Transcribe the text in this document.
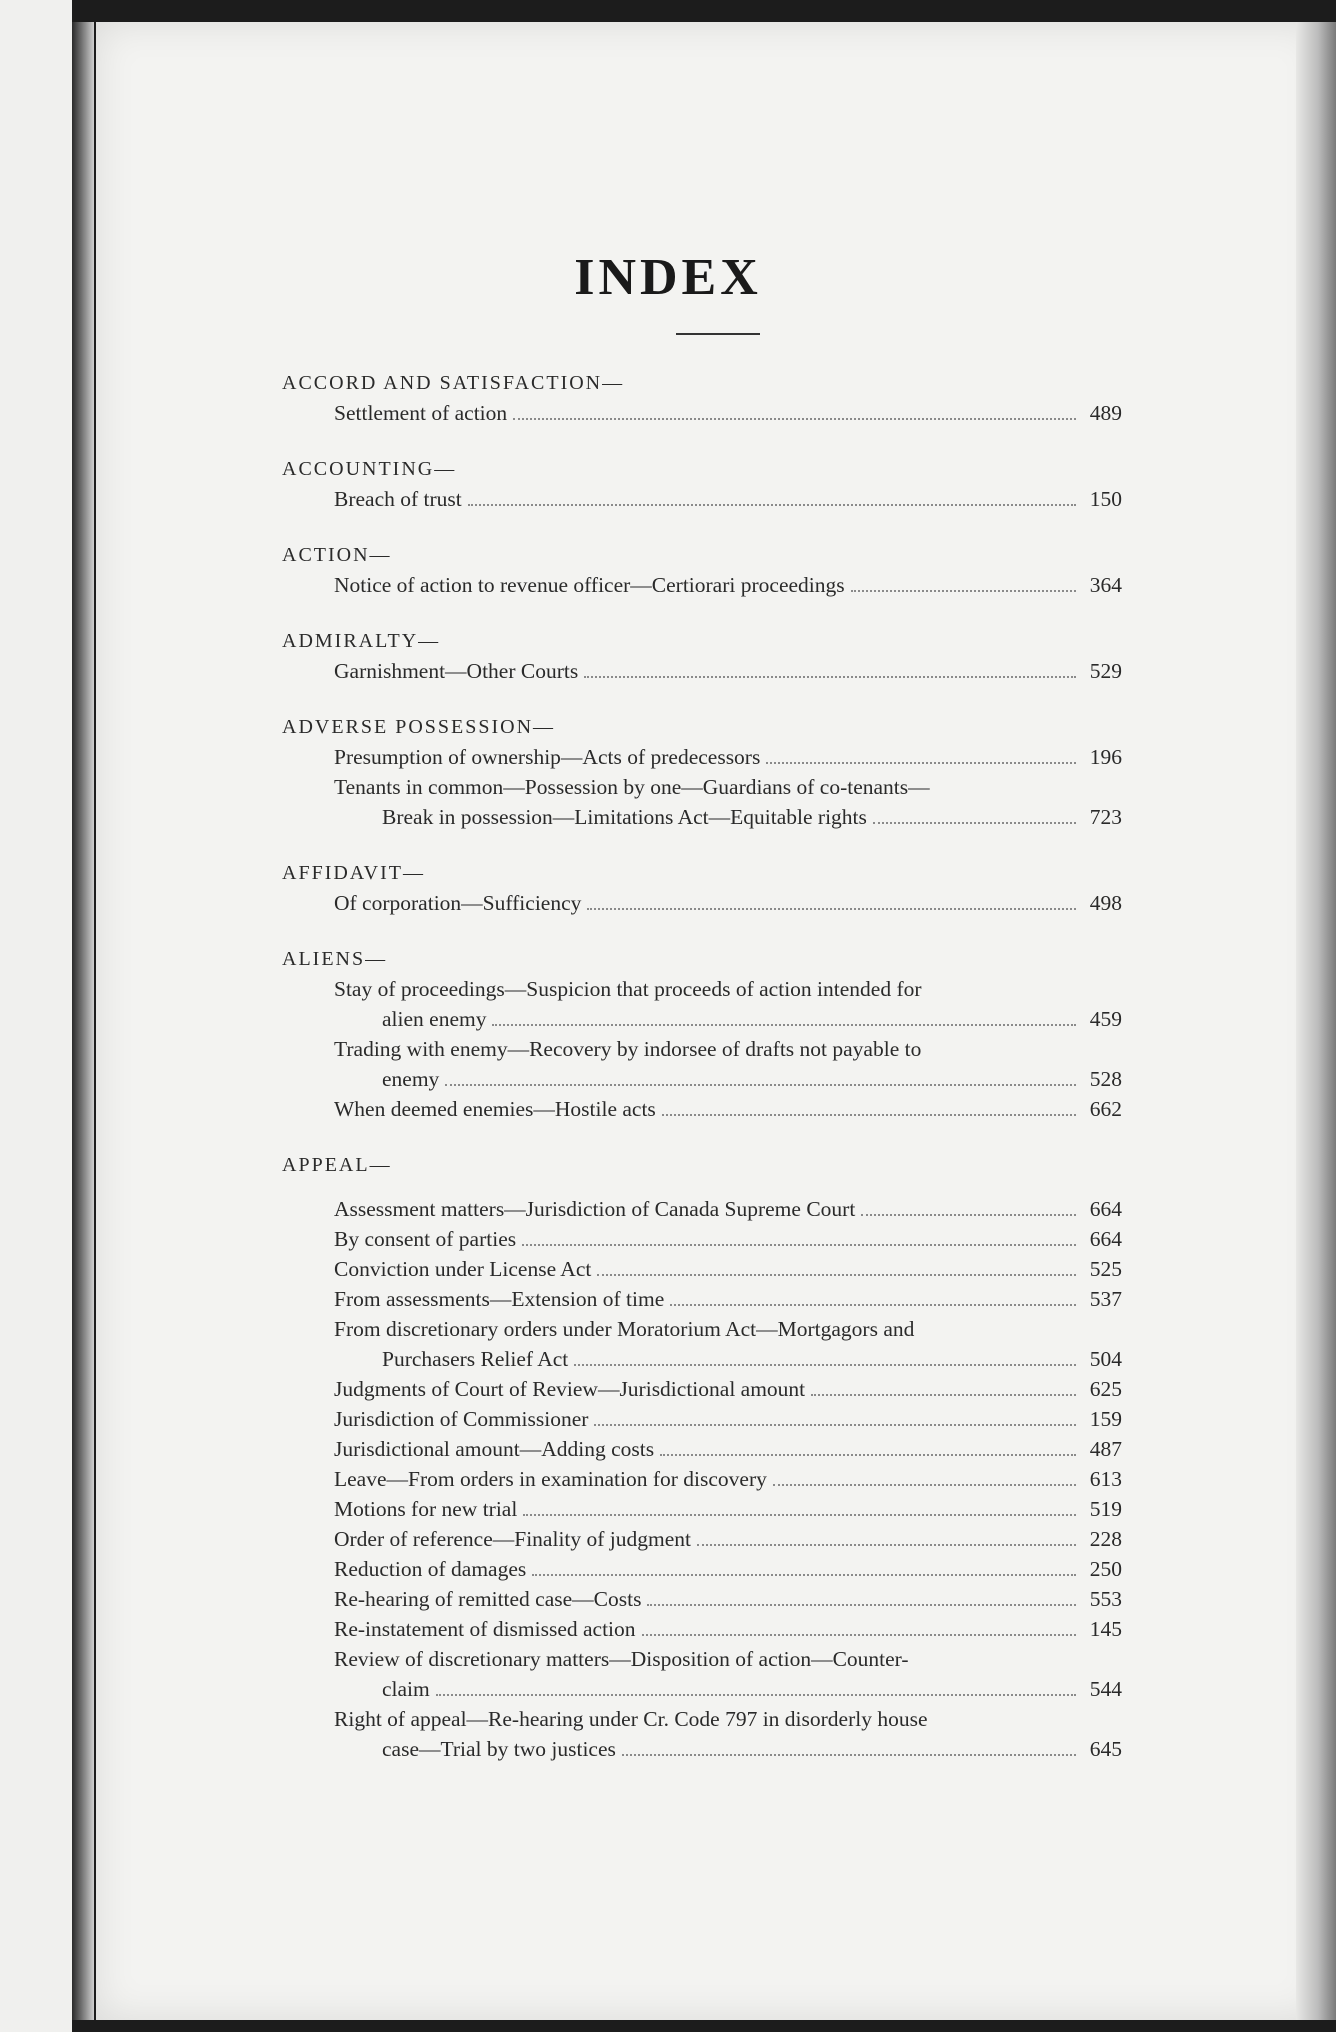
INDEX
ACCORD AND SATISFACTION—
Settlement of action	489
ACCOUNTING—
Breach of trust	150
ACTION—
Notice of action to revenue officer—Certiorari proceedings	364
ADMIRALTY—
Garnishment—Other Courts	529
ADVERSE POSSESSION—
Presumption of ownership—Acts of predecessors	196
Tenants in common—Possession by one—Guardians of co-tenants—
Break in possession—Limitations Act—Equitable rights	723
AFFIDAVIT—
Of corporation—Sufficiency	498
ALIENS—
Stay of proceedings—Suspicion that proceeds of action intended for
alien enemy	459
Trading with enemy—Recovery by indorsee of drafts not payable to
enemy	528
When deemed enemies—Hostile acts	662
APPEAL—
Assessment matters—Jurisdiction of Canada Supreme Court	664
By consent of parties	664
Conviction under License Act	525
From assessments—Extension of time	537
From discretionary orders under Moratorium Act—Mortgagors and
Purchasers Relief Act	504
Judgments of Court of Review—Jurisdictional amount	625
Jurisdiction of Commissioner	159
Jurisdictional amount—Adding costs	487
Leave—From orders in examination for discovery	613
Motions for new trial	519
Order of reference—Finality of judgment	228
Reduction of damages	250
Re-hearing of remitted case—Costs	553
Re-instatement of dismissed action	145
Review of discretionary matters—Disposition of action—Counter-
claim	544
Right of appeal—Re-hearing under Cr. Code 797 in disorderly house
case—Trial by two justices	645
